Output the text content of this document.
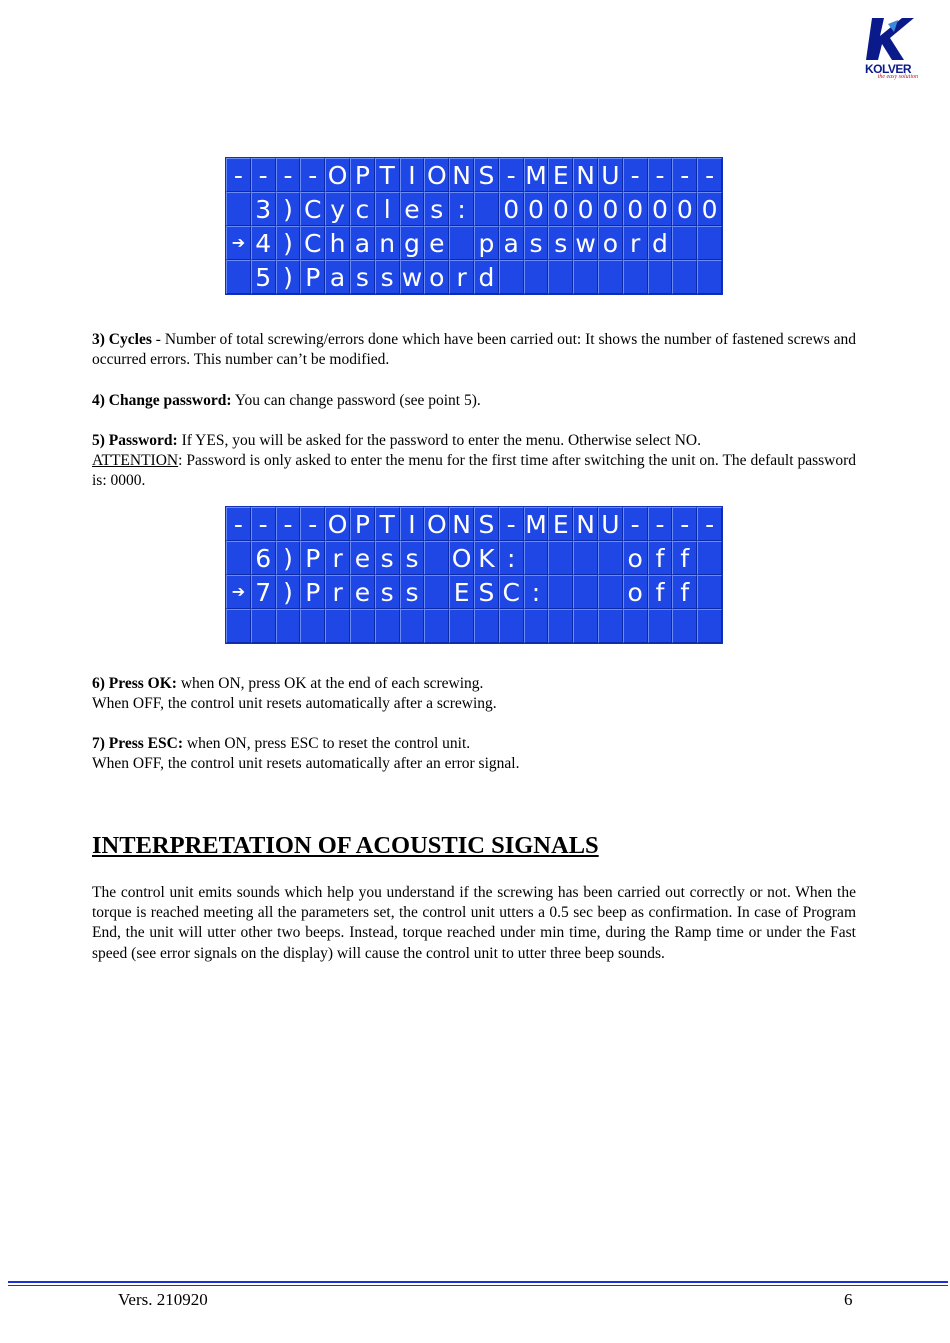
KOLVER
the easy solution
- - - - O P T I O N S - M E N U - - - -
3 ) C y c l e s :	0 0 0 0 0 0 0 0 0
➔ 4 ) C h a n g e p a s s w o r d
5 ) P a s s w o r d

3) Cycles - Number of total screwing/errors done which have been carried out: It shows the number of fastened screws and occurred errors. This number can’t be modified.

4) Change password: You can change password (see point 5).

5) Password: If YES, you will be asked for the password to enter the menu. Otherwise select NO.

ATTENTION: Password is only asked to enter the menu for the first time after switching the unit on. The default password is: 0000.

- - - - O P T I O N S - M E N U - - - -
6 ) P r e s s O K :	o f f
➔ 7 ) P r e s s E S C :	o f f

6) Press OK: when ON, press OK at the end of each screwing.

When OFF, the control unit resets automatically after a screwing.

7) Press ESC: when ON, press ESC to reset the control unit.

When OFF, the control unit resets automatically after an error signal.

INTERPRETATION OF ACOUSTIC SIGNALS

The control unit emits sounds which help you understand if the screwing has been carried out correctly or not. When the torque is reached meeting all the parameters set, the control unit utters a 0.5 sec beep as confirmation. In case of Program End, the unit will utter other two beeps. Instead, torque reached under min time, during the Ramp time or under the Fast speed (see error signals on the display) will cause the control unit to utter three beep sounds.

Vers. 210920	6
